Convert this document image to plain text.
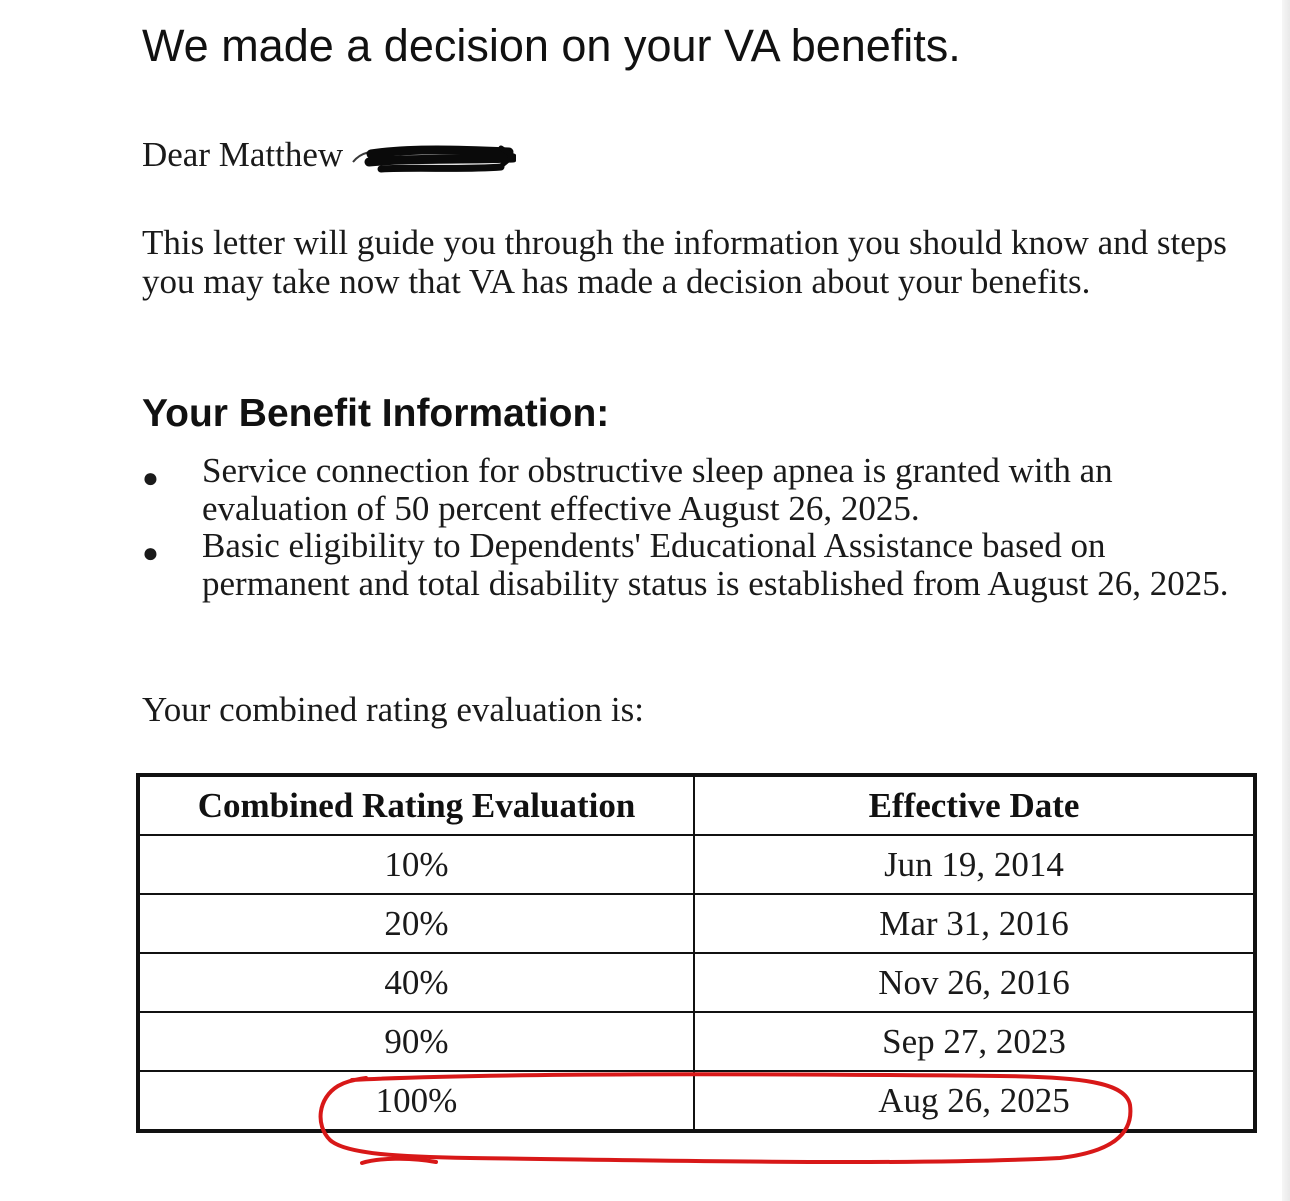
We made a decision on your VA benefits.
Dear Matthew

This letter will guide you through the information you should know and steps you may take now that VA has made a decision about your benefits.

Your Benefit Information:
● Service connection for obstructive sleep apnea is granted with an evaluation of 50 percent effective August 26, 2025.
● Basic eligibility to Dependents' Educational Assistance based on permanent and total disability status is established from August 26, 2025.
Your combined rating evaluation is:
Combined Rating Evaluation	Effective Date
10%	Jun 19, 2014
20%	Mar 31, 2016
40%	Nov 26, 2016
90%	Sep 27, 2023
100%	Aug 26, 2025
